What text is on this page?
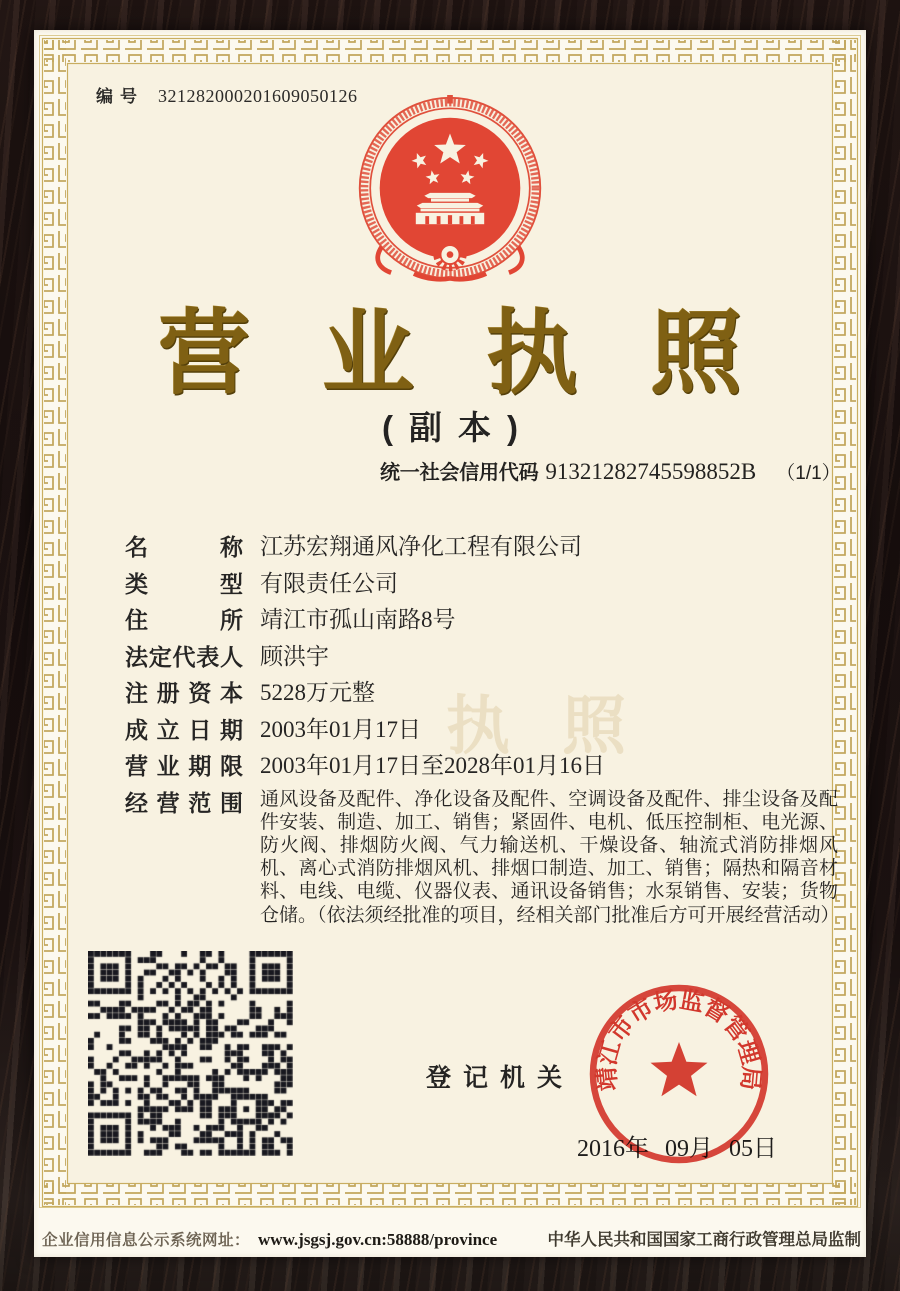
编号 321282000201609050126
营业执照
(副本)
统一社会信用代码 91321282745598852B （1/1）
名	称 江苏宏翔通风净化工程有限公司
类	型 有限责任公司
住	所 靖江市孤山南路8号
法 定 代 表 人 顾洪宇
注 册 资 本 5228万元整
成 立 日 期 2003年01月17日
营 业 期 限 2003年01月17日至2028年01月16日
经 营 范 围 通风设备及配件、净化设备及配件、空调设备及配件、排尘设备及配件安装、制造、加工、销售；紧固件、电机、低压控制柜、电光源、防火阀、排烟防火阀、气力输送机、干燥设备、轴流式消防排烟风机、离心式消防排烟风机、排烟口制造、加工、销售；隔热和隔音材料、电线、电缆、仪器仪表、通讯设备销售；水泵销售、安装；货物仓储。（依法须经批准的项目，经相关部门批准后方可开展经营活动）
执照
登记机关 靖江市市场监督管理局
2016年 09月 05日
企业信用信息公示系统网址： www.jsgsj.gov.cn:58888/province	中华人民共和国国家工商行政管理总局监制
